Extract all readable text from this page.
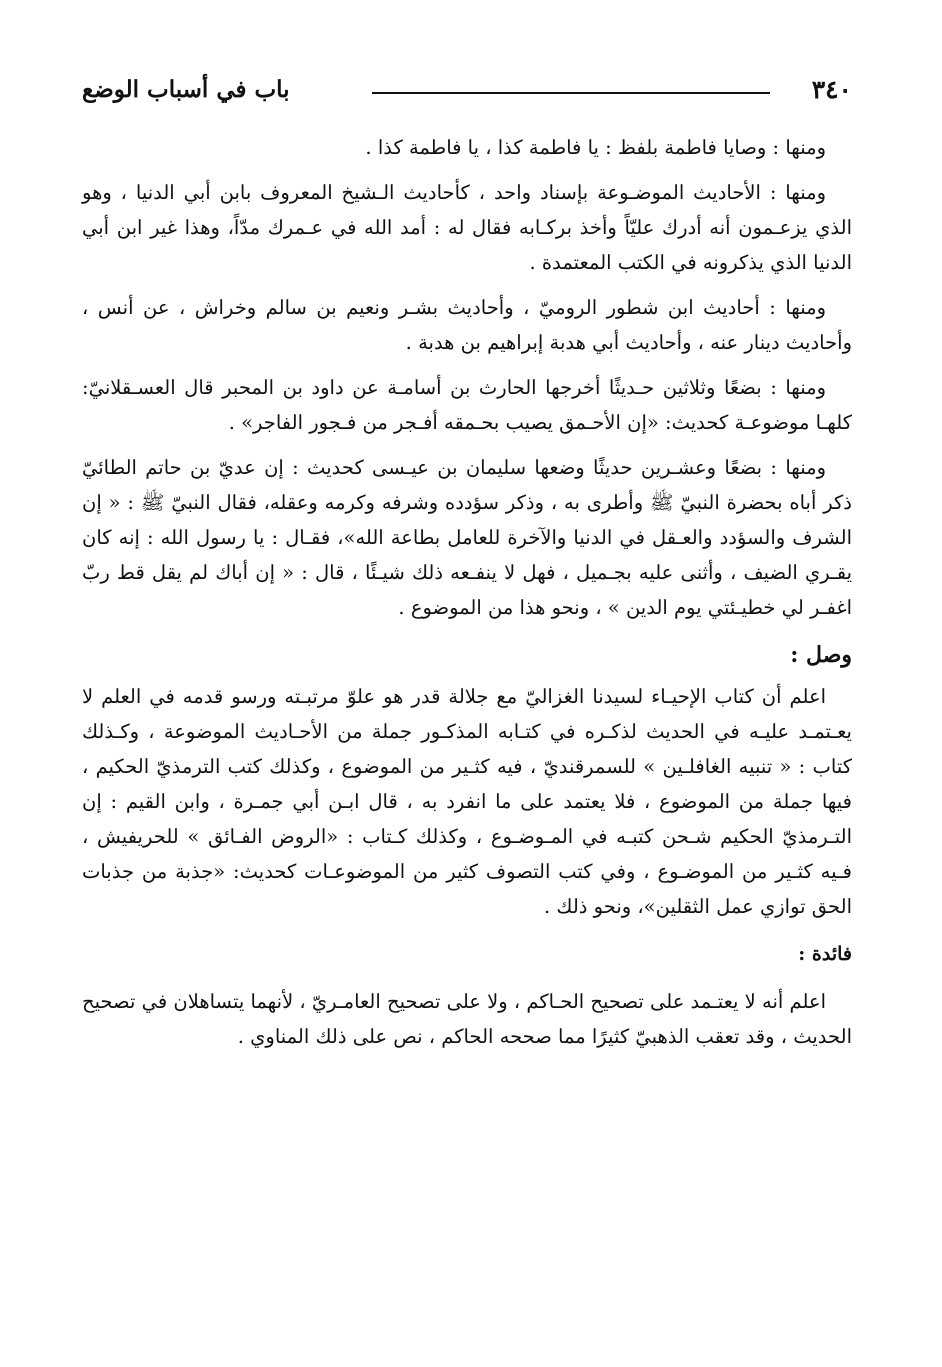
٣٤٠
باب في أسباب الوضع

ومنها : وصايا فاطمة بلفظ : يا فاطمة كذا ، يا فاطمة كذا .

ومنها : الأحاديث الموضـوعة بإسناد واحد ، كأحاديث الـشيخ المعروف بابن أبي الدنيا ، وهو الذي يزعـمون أنه أدرك عليّاً وأخذ بركـابه فقال له : أمد الله في عـمرك مدّاً، وهذا غير ابن أبي الدنيا الذي يذكرونه في الكتب المعتمدة .

ومنها : أحاديث ابن شطور الروميّ ، وأحاديث بشـر ونعيم بن سالم وخراش ، عن أنس ، وأحاديث دينار عنه ، وأحاديث أبي هدبة إبراهيم بن هدبة .

ومنها : بضعًا وثلاثين حـديثًا أخرجها الحارث بن أسامـة عن داود بن المحبر قال العسـقلانيّ: كلهـا موضوعـة كحديث: «إن الأحـمق يصيب بحـمقه أفـجر من فـجور الفاجر» .

ومنها : بضعًا وعشـرين حديثًا وضعها سليمان بن عيـسى كحديث : إن عديّ بن حاتم الطائيّ ذكر أباه بحضرة النبيّ ﷺ وأطرى به ، وذكر سؤدده وشرفه وكرمه وعقله، فقال النبيّ ﷺ : « إن الشرف والسؤدد والعـقل في الدنيا والآخرة للعامل بطاعة الله»، فقـال : يا رسول الله : إنه كان يقـري الضيف ، وأثنى عليه بجـميل ، فهل لا ينفـعه ذلك شيـئًا ، قال : « إن أباك لم يقل قط ربّ اغفـر لي خطيـئتي يوم الدين » ، ونحو هذا من الموضوع .

وصل :

اعلم أن كتاب الإحيـاء لسيدنا الغزاليّ مع جلالة قدر هو علوّ مرتبـته ورسو قدمه في العلم لا يعـتمـد عليـه في الحديث لذكـره في كتـابه المذكـور جملة من الأحـاديث الموضوعة ، وكـذلك كتاب : « تنبيه الغافلـين » للسمرقنديّ ، فيه كثـير من الموضوع ، وكذلك كتب الترمذيّ الحكيم ، فيها جملة من الموضوع ، فلا يعتمد على ما انفرد به ، قال ابـن أبي جمـرة ، وابن القيم : إن التـرمذيّ الحكيم شـحن كتبـه في المـوضـوع ، وكذلك كـتاب : «الروض الفـائق » للحريفيش ، فـيه كثـير من الموضـوع ، وفي كتب التصوف كثير من الموضوعـات كحديث: «جذبة من جذبات الحق توازي عمل الثقلين»، ونحو ذلك .

فائدة :

اعلم أنه لا يعتـمد على تصحيح الحـاكم ، ولا على تصحيح العامـريّ ، لأنهما يتساهلان في تصحيح الحديث ، وقد تعقب الذهبيّ كثيرًا مما صححه الحاكم ، نص على ذلك المناوي .
